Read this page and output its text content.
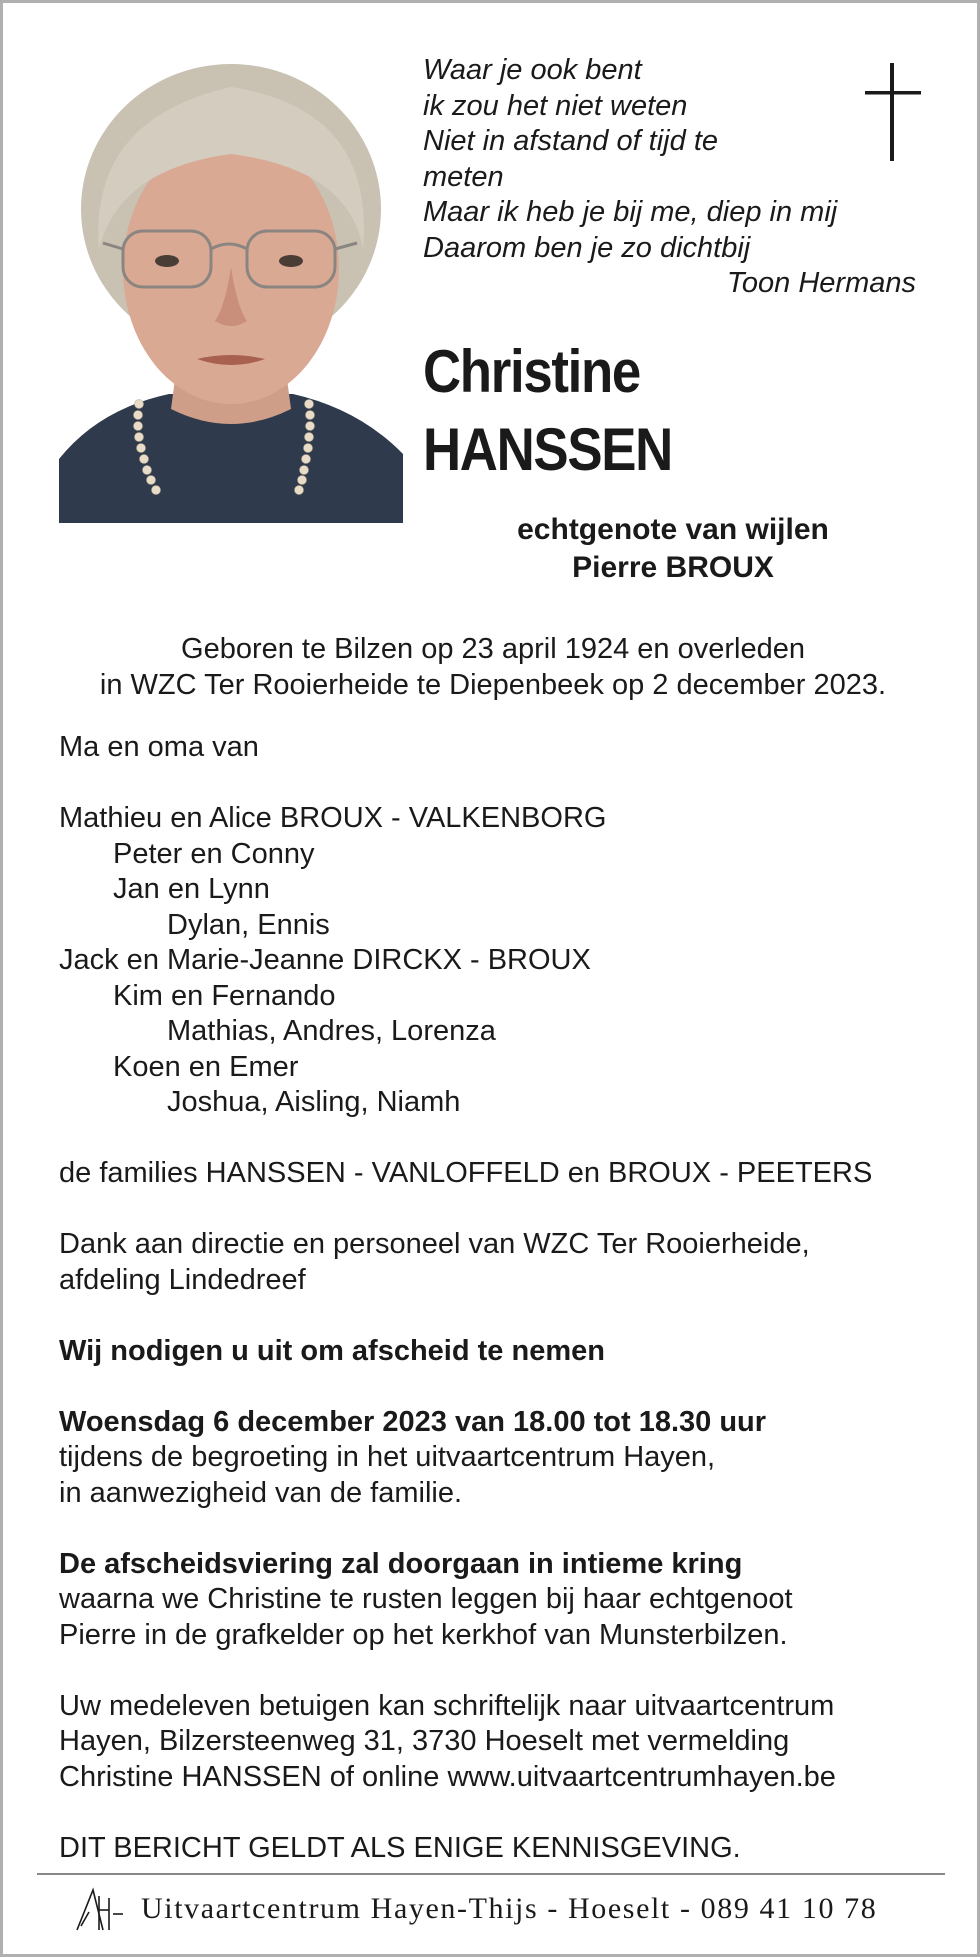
Waar je ook bent
ik zou het niet weten
Niet in afstand of tijd te
meten
Maar ik heb je bij me, diep in mij
Daarom ben je zo dichtbij
Toon Hermans
Christine
HANSSEN
echtgenote van wijlen
Pierre BROUX
Geboren te Bilzen op 23 april 1924 en overleden
in WZC Ter Rooierheide te Diepenbeek op 2 december 2023.

Ma en oma van

Mathieu en Alice BROUX - VALKENBORG

Peter en Conny

Jan en Lynn

Dylan, Ennis

Jack en Marie-Jeanne DIRCKX - BROUX

Kim en Fernando

Mathias, Andres, Lorenza

Koen en Emer

Joshua, Aisling, Niamh

de families HANSSEN - VANLOFFELD en BROUX - PEETERS

Dank aan directie en personeel van WZC Ter Rooierheide,

afdeling Lindedreef

Wij nodigen u uit om afscheid te nemen

Woensdag 6 december 2023 van 18.00 tot 18.30 uur

tijdens de begroeting in het uitvaartcentrum Hayen,

in aanwezigheid van de familie.

De afscheidsviering zal doorgaan in intieme kring

waarna we Christine te rusten leggen bij haar echtgenoot

Pierre in de grafkelder op het kerkhof van Munsterbilzen.

Uw medeleven betuigen kan schriftelijk naar uitvaartcentrum

Hayen, Bilzersteenweg 31, 3730 Hoeselt met vermelding

Christine HANSSEN of online www.uitvaartcentrumhayen.be

DIT BERICHT GELDT ALS ENIGE KENNISGEVING.

Uitvaartcentrum Hayen-Thijs - Hoeselt - 089 41 10 78
